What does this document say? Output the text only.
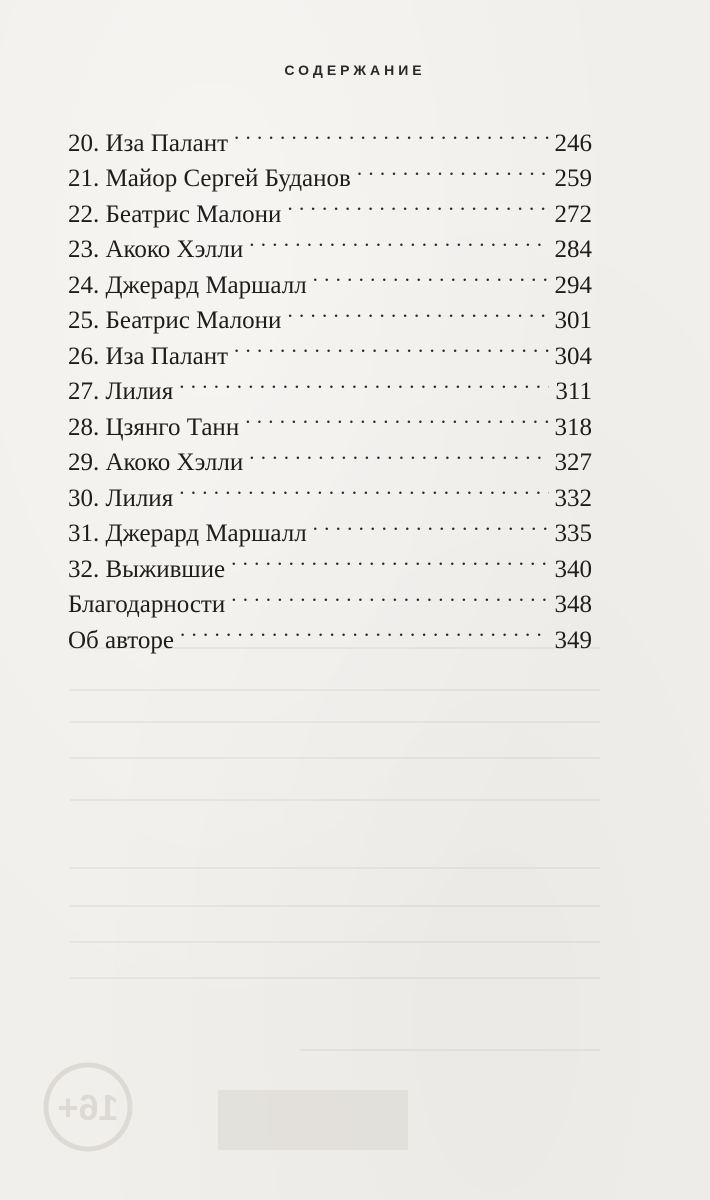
16+
СОДЕРЖАНИЕ
20. Иза Палант . . .	246
21. Майор Сергей Буданов . . .	259
22. Беатрис Малони . . .	272
23. Акоко Хэлли . . .	284
24. Джерард Маршалл . . .	294
25. Беатрис Малони . . .	301
26. Иза Палант . . .	304
27. Лилия . . .	311
28. Цзянго Танн . . .	318
29. Акоко Хэлли . . .	327
30. Лилия . . .	332
31. Джерард Маршалл . . .	335
32. Выжившие . . .	340
Благодарности . . .	348
Об авторе . . .	349
